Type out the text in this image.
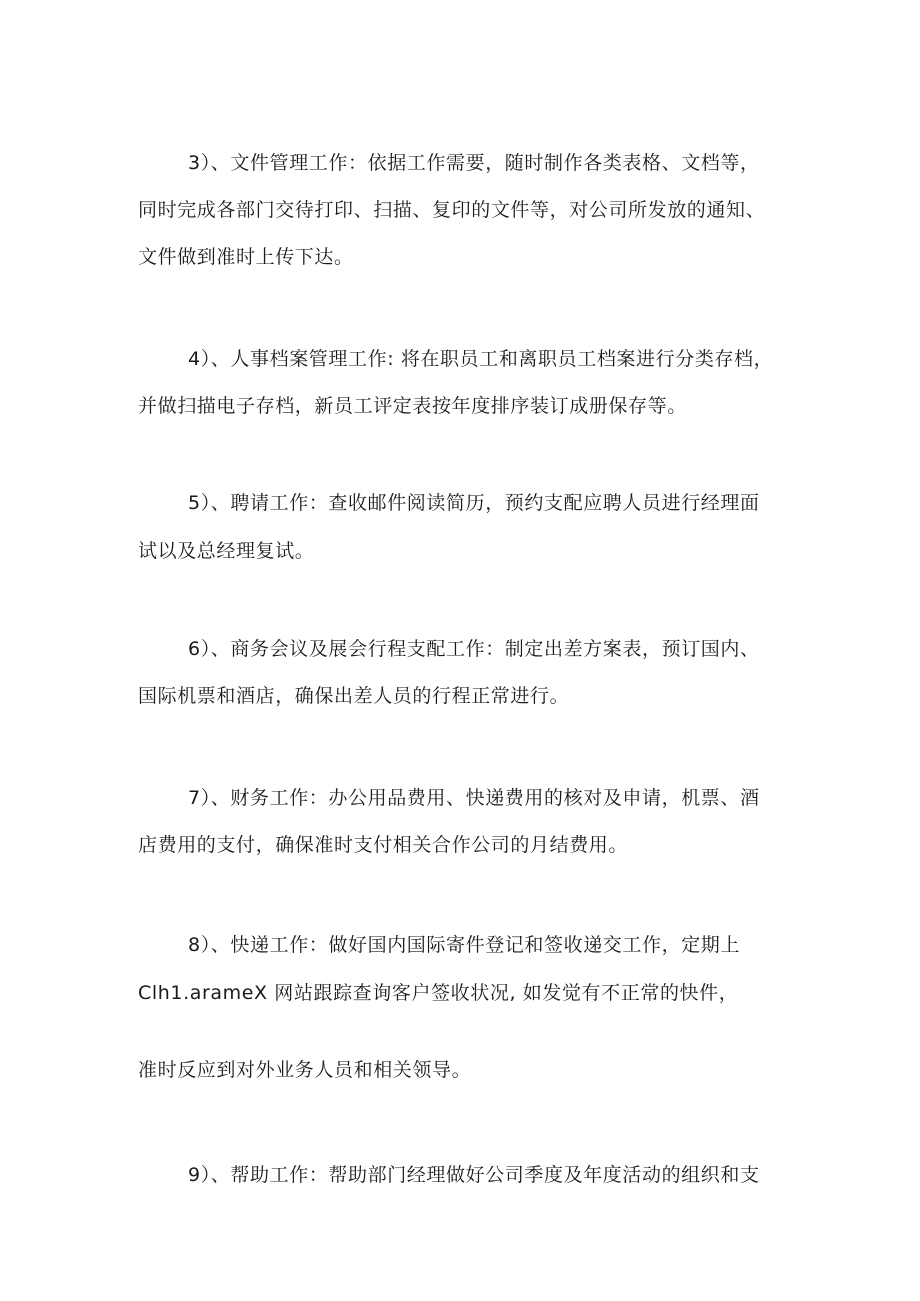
3）、文件管理工作：依据工作需要，随时制作各类表格、文档等，
同时完成各部门交待打印、扫描、复印的文件等，对公司所发放的通知、
文件做到准时上传下达。
4）、人事档案管理工作: 将在职员工和离职员工档案进行分类存档，
并做扫描电子存档，新员工评定表按年度排序装订成册保存等。
5）、聘请工作：查收邮件阅读简历，预约支配应聘人员进行经理面
试以及总经理复试。
6）、商务会议及展会行程支配工作：制定出差方案表，预订国内、
国际机票和酒店，确保出差人员的行程正常进行。
7）、财务工作：办公用品费用、快递费用的核对及申请，机票、酒
店费用的支付，确保准时支付相关合作公司的月结费用。
8）、快递工作：做好国内国际寄件登记和签收递交工作，定期上
Clh1.arameX 网站跟踪查询客户签收状况, 如发觉有不正常的快件，
准时反应到对外业务人员和相关领导。
9）、帮助工作：帮助部门经理做好公司季度及年度活动的组织和支
